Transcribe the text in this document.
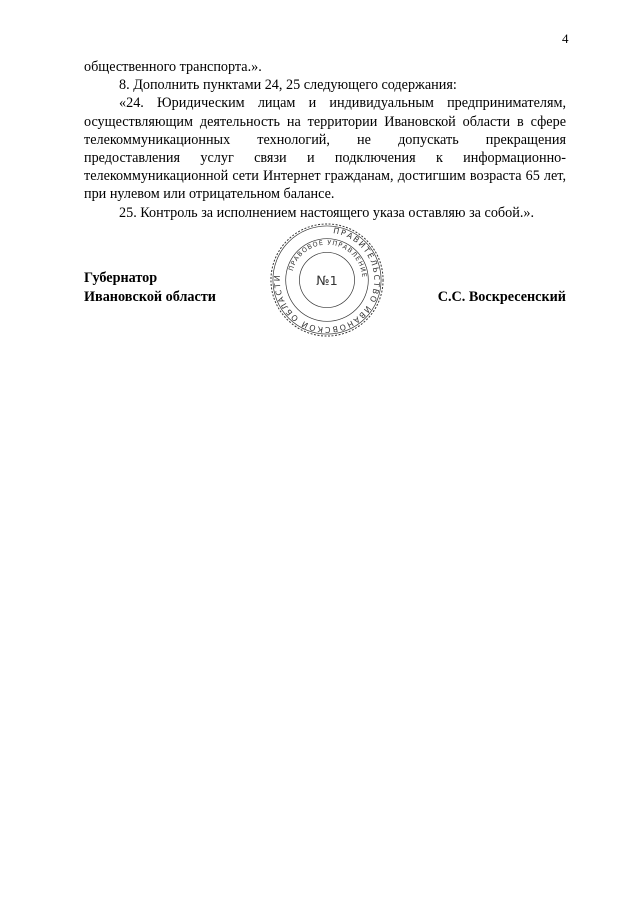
4

общественного транспорта.».

8. Дополнить пунктами 24, 25 следующего содержания:

«24. Юридическим лицам и индивидуальным предпринимателям, осуществляющим деятельность на территории Ивановской области в сфере телекоммуникационных технологий, не допускать прекращения предоставления услуг связи и подключения к информационно-телекоммуникационной сети Интернет гражданам, достигшим возраста 65 лет, при нулевом или отрицательном балансе.

25. Контроль за исполнением настоящего указа оставляю за собой.».

Губернатор
Ивановской области
ПРАВИТЕЛЬСТВО ИВАНОВСКОЙ ОБЛАСТИ
ПРАВОВОЕ УПРАВЛЕНИЕ
№1
С.С. Воскресенский
